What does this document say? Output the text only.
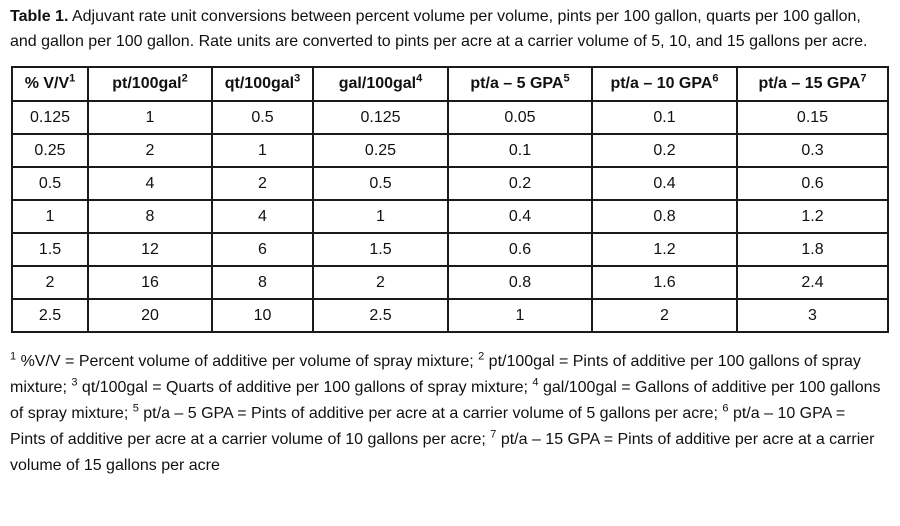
Table 1. Adjuvant rate unit conversions between percent volume per volume, pints per 100 gallon, quarts per 100 gallon, and gallon per 100 gallon. Rate units are converted to pints per acre at a carrier volume of 5, 10, and 15 gallons per acre.

% $V/V^1$	pt/100gal$^2$	qt/100gal$^3$	gal/100gal$^4$	pt/a – 5 GPA$^5$	pt/a – 10 GPA$^6$	pt/a – 15 GPA$^7$
0.125	1	0.5	0.125	0.05	0.1	0.15
0.25	2	1	0.25	0.1	0.2	0.3
0.5	4	2	0.5	0.2	0.4	0.6
1	8	4	1	0.4	0.8	1.2
1.5	12	6	1.5	0.6	1.2	1.8
2	16	8	2	0.8	1.6	2.4
2.5	20	10	2.5	1	2	3
$^1$ %V/V = Percent volume of additive per volume of spray mixture; $^2$ pt/100gal = Pints of additive per 100 gallons of spray mixture; $^3$ qt/100gal = Quarts of additive per 100 gallons of spray mixture; $^4$ gal/100gal = Gallons of additive per 100 gallons of spray mixture; $^5$ pt/a – 5 GPA = Pints of additive per acre at a carrier volume of 5 gallons per acre; $^6$ pt/a – 10 GPA = Pints of additive per acre at a carrier volume of 10 gallons per acre; $^7$ pt/a – 15 GPA = Pints of additive per acre at a carrier volume of 15 gallons per acre
